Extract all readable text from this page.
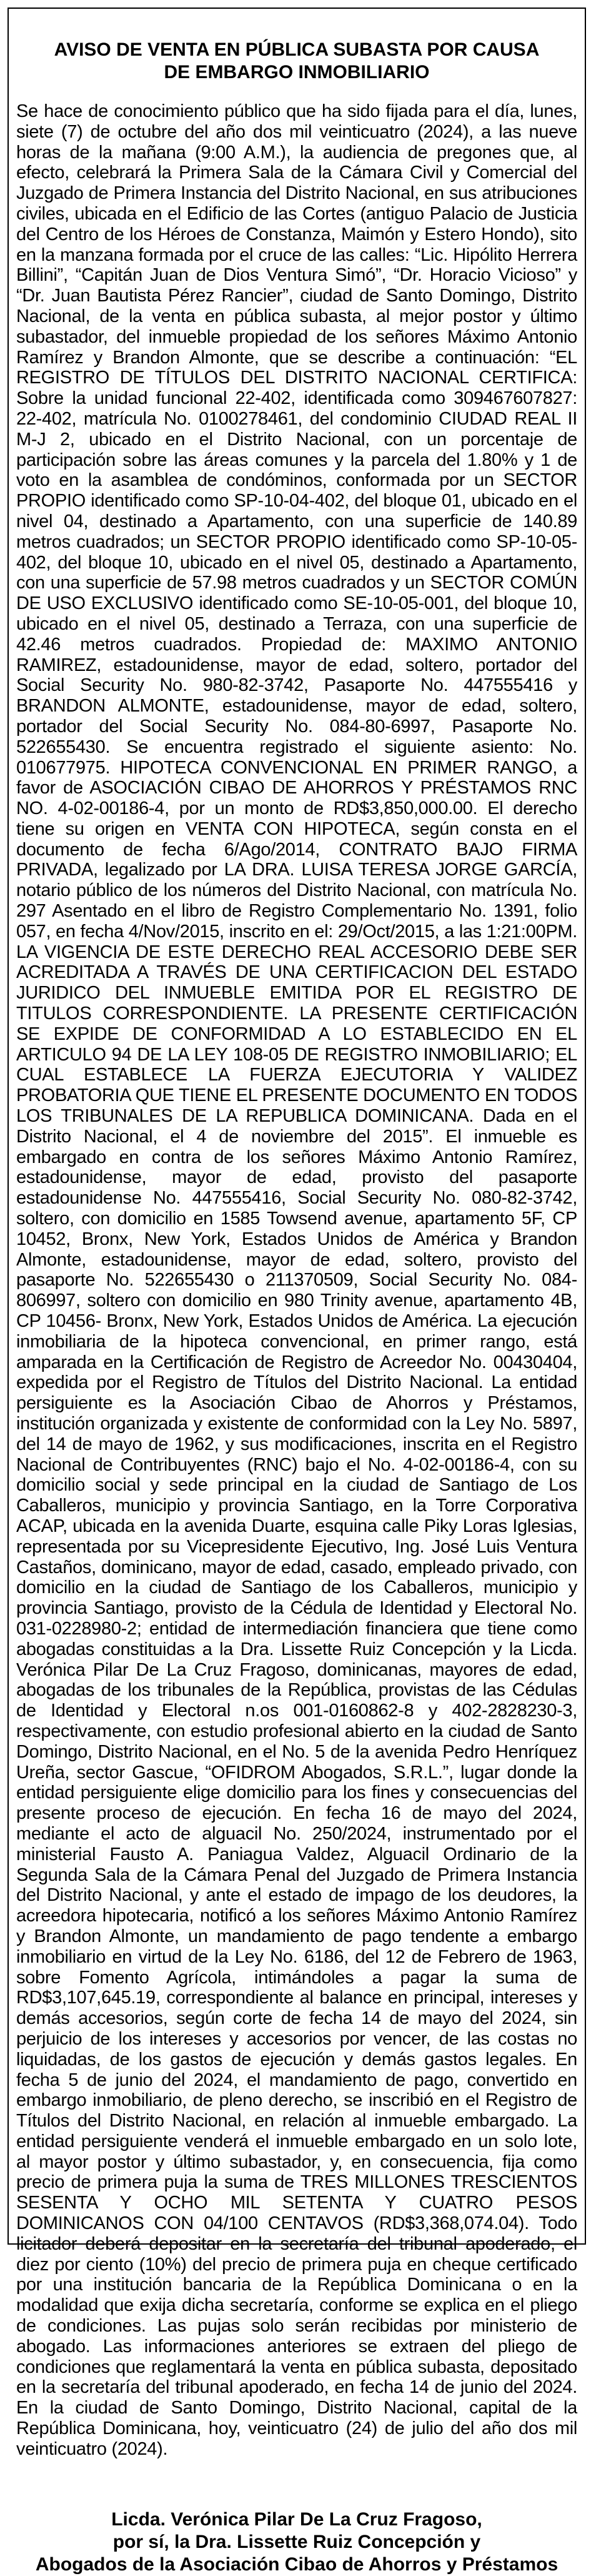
AVISO DE VENTA EN PÚBLICA SUBASTA POR CAUSA
DE EMBARGO INMOBILIARIO

Se hace de conocimiento público que ha sido fijada para el día, lunes, siete (7) de octubre del año dos mil veinticuatro (2024), a las nueve horas de la mañana (9:00 A.M.), la audiencia de pregones que, al efecto, celebrará la Primera Sala de la Cámara Civil y Comercial del Juzgado de Primera Instancia del Distrito Nacional, en sus atribuciones civiles, ubicada en el Edificio de las Cortes (antiguo Palacio de Justicia del Centro de los Héroes de Constanza, Maimón y Estero Hondo), sito en la manzana formada por el cruce de las calles: “Lic. Hipólito Herrera Billini”, “Capitán Juan de Dios Ventura Simó”, “Dr. Horacio Vicioso” y “Dr. Juan Bautista Pérez Rancier”, ciudad de Santo Domingo, Distrito Nacional, de la venta en pública subasta, al mejor postor y último subastador, del inmueble propiedad de los señores Máximo Antonio Ramírez y Brandon Almonte, que se describe a continuación: “EL REGISTRO DE TÍTULOS DEL DISTRITO NACIONAL CERTIFICA: Sobre la unidad funcional 22-402, identificada como 309467607827: 22-402, matrícula No. 0100278461, del condominio CIUDAD REAL II M-J 2, ubicado en el Distrito Nacional, con un porcentaje de participación sobre las áreas comunes y la parcela del 1.80% y 1 de voto en la asamblea de condóminos, conformada por un SECTOR PROPIO identificado como SP-10-04-402, del bloque 01, ubicado en el nivel 04, destinado a Apartamento, con una superficie de 140.89 metros cuadrados; un SECTOR PROPIO identificado como SP-10-05-402, del bloque 10, ubicado en el nivel 05, destinado a Apartamento, con una superficie de 57.98 metros cuadrados y un SECTOR COMÚN DE USO EXCLUSIVO identificado como SE-10-05-001, del bloque 10, ubicado en el nivel 05, destinado a Terraza, con una superficie de 42.46 metros cuadrados. Propiedad de: MAXIMO ANTONIO RAMIREZ, estadounidense, mayor de edad, soltero, portador del Social Security No. 980-82-3742, Pasaporte No. 447555416 y BRANDON ALMONTE, estadounidense, mayor de edad, soltero, portador del Social Security No. 084-80-6997, Pasaporte No. 522655430. Se encuentra registrado el siguiente asiento: No. 010677975. HIPOTECA CONVENCIONAL EN PRIMER RANGO, a favor de ASOCIACIÓN CIBAO DE AHORROS Y PRÉSTAMOS RNC NO. 4-02-00186-4, por un monto de RD$3,850,000.00. El derecho tiene su origen en VENTA CON HIPOTECA, según consta en el documento de fecha 6/Ago/2014, CONTRATO BAJO FIRMA PRIVADA, legalizado por LA DRA. LUISA TERESA JORGE GARCÍA, notario público de los números del Distrito Nacional, con matrícula No. 297 Asentado en el libro de Registro Complementario No. 1391, folio 057, en fecha 4/Nov/2015, inscrito en el: 29/Oct/2015, a las 1:21:00PM. LA VIGENCIA DE ESTE DERECHO REAL ACCESORIO DEBE SER ACREDITADA A TRAVÉS DE UNA CERTIFICACION DEL ESTADO JURIDICO DEL INMUEBLE EMITIDA POR EL REGISTRO DE TITULOS CORRESPONDIENTE. LA PRESENTE CERTIFICACIÓN SE EXPIDE DE CONFORMIDAD A LO ESTABLECIDO EN EL ARTICULO 94 DE LA LEY 108-05 DE REGISTRO INMOBILIARIO; EL CUAL ESTABLECE LA FUERZA EJECUTORIA Y VALIDEZ PROBATORIA QUE TIENE EL PRESENTE DOCUMENTO EN TODOS LOS TRIBUNALES DE LA REPUBLICA DOMINICANA. Dada en el Distrito Nacional, el 4 de noviembre del 2015”. El inmueble es embargado en contra de los señores Máximo Antonio Ramírez, estadounidense, mayor de edad, provisto del pasaporte estadounidense No. 447555416, Social Security No. 080-82-3742, soltero, con domicilio en 1585 Towsend avenue, apartamento 5F, CP 10452, Bronx, New York, Estados Unidos de América y Brandon Almonte, estadounidense, mayor de edad, soltero, provisto del pasaporte No. 522655430 o 211370509, Social Security No. 084-806997, soltero con domicilio en 980 Trinity avenue, apartamento 4B, CP 10456- Bronx, New York, Estados Unidos de América. La ejecución inmobiliaria de la hipoteca convencional, en primer rango, está amparada en la Certificación de Registro de Acreedor No. 00430404, expedida por el Registro de Títulos del Distrito Nacional. La entidad persiguiente es la Asociación Cibao de Ahorros y Préstamos, institución organizada y existente de conformidad con la Ley No. 5897, del 14 de mayo de 1962, y sus modificaciones, inscrita en el Registro Nacional de Contribuyentes (RNC) bajo el No. 4-02-00186-4, con su domicilio social y sede principal en la ciudad de Santiago de Los Caballeros, municipio y provincia Santiago, en la Torre Corporativa ACAP, ubicada en la avenida Duarte, esquina calle Piky Loras Iglesias, representada por su Vicepresidente Ejecutivo, Ing. José Luis Ventura Castaños, dominicano, mayor de edad, casado, empleado privado, con domicilio en la ciudad de Santiago de los Caballeros, municipio y provincia Santiago, provisto de la Cédula de Identidad y Electoral No. 031-0228980-2; entidad de intermediación financiera que tiene como abogadas constituidas a la Dra. Lissette Ruiz Concepción y la Licda. Verónica Pilar De La Cruz Fragoso, dominicanas, mayores de edad, abogadas de los tribunales de la República, provistas de las Cédulas de Identidad y Electoral n.os 001-0160862-8 y 402-2828230-3, respectivamente, con estudio profesional abierto en la ciudad de Santo Domingo, Distrito Nacional, en el No. 5 de la avenida Pedro Henríquez Ureña, sector Gascue, “OFIDROM Abogados, S.R.L.”, lugar donde la entidad persiguiente elige domicilio para los fines y consecuencias del presente proceso de ejecución. En fecha 16 de mayo del 2024, mediante el acto de alguacil No. 250/2024, instrumentado por el ministerial Fausto A. Paniagua Valdez, Alguacil Ordinario de la Segunda Sala de la Cámara Penal del Juzgado de Primera Instancia del Distrito Nacional, y ante el estado de impago de los deudores, la acreedora hipotecaria, notificó a los señores Máximo Antonio Ramírez y Brandon Almonte, un mandamiento de pago tendente a embargo inmobiliario en virtud de la Ley No. 6186, del 12 de Febrero de 1963, sobre Fomento Agrícola, intimándoles a pagar la suma de RD$3,107,645.19, correspondiente al balance en principal, intereses y demás accesorios, según corte de fecha 14 de mayo del 2024, sin perjuicio de los intereses y accesorios por vencer, de las costas no liquidadas, de los gastos de ejecución y demás gastos legales. En fecha 5 de junio del 2024, el mandamiento de pago, convertido en embargo inmobiliario, de pleno derecho, se inscribió en el Registro de Títulos del Distrito Nacional, en relación al inmueble embargado. La entidad persiguiente venderá el inmueble embargado en un solo lote, al mayor postor y último subastador, y, en consecuencia, fija como precio de primera puja la suma de TRES MILLONES TRESCIENTOS SESENTA Y OCHO MIL SETENTA Y CUATRO PESOS DOMINICANOS CON 04/100 CENTAVOS (RD$3,368,074.04). Todo licitador deberá depositar en la secretaría del tribunal apoderado, el diez por ciento (10%) del precio de primera puja en cheque certificado por una institución bancaria de la República Dominicana o en la modalidad que exija dicha secretaría, conforme se explica en el pliego de condiciones. Las pujas solo serán recibidas por ministerio de abogado. Las informaciones anteriores se extraen del pliego de condiciones que reglamentará la venta en pública subasta, depositado en la secretaría del tribunal apoderado, en fecha 14 de junio del 2024. En la ciudad de Santo Domingo, Distrito Nacional, capital de la República Dominicana, hoy, veinticuatro (24) de julio del año dos mil veinticuatro (2024).

Licda. Verónica Pilar De La Cruz Fragoso,
por sí, la Dra. Lissette Ruiz Concepción y
Abogados de la Asociación Cibao de Ahorros y Préstamos
